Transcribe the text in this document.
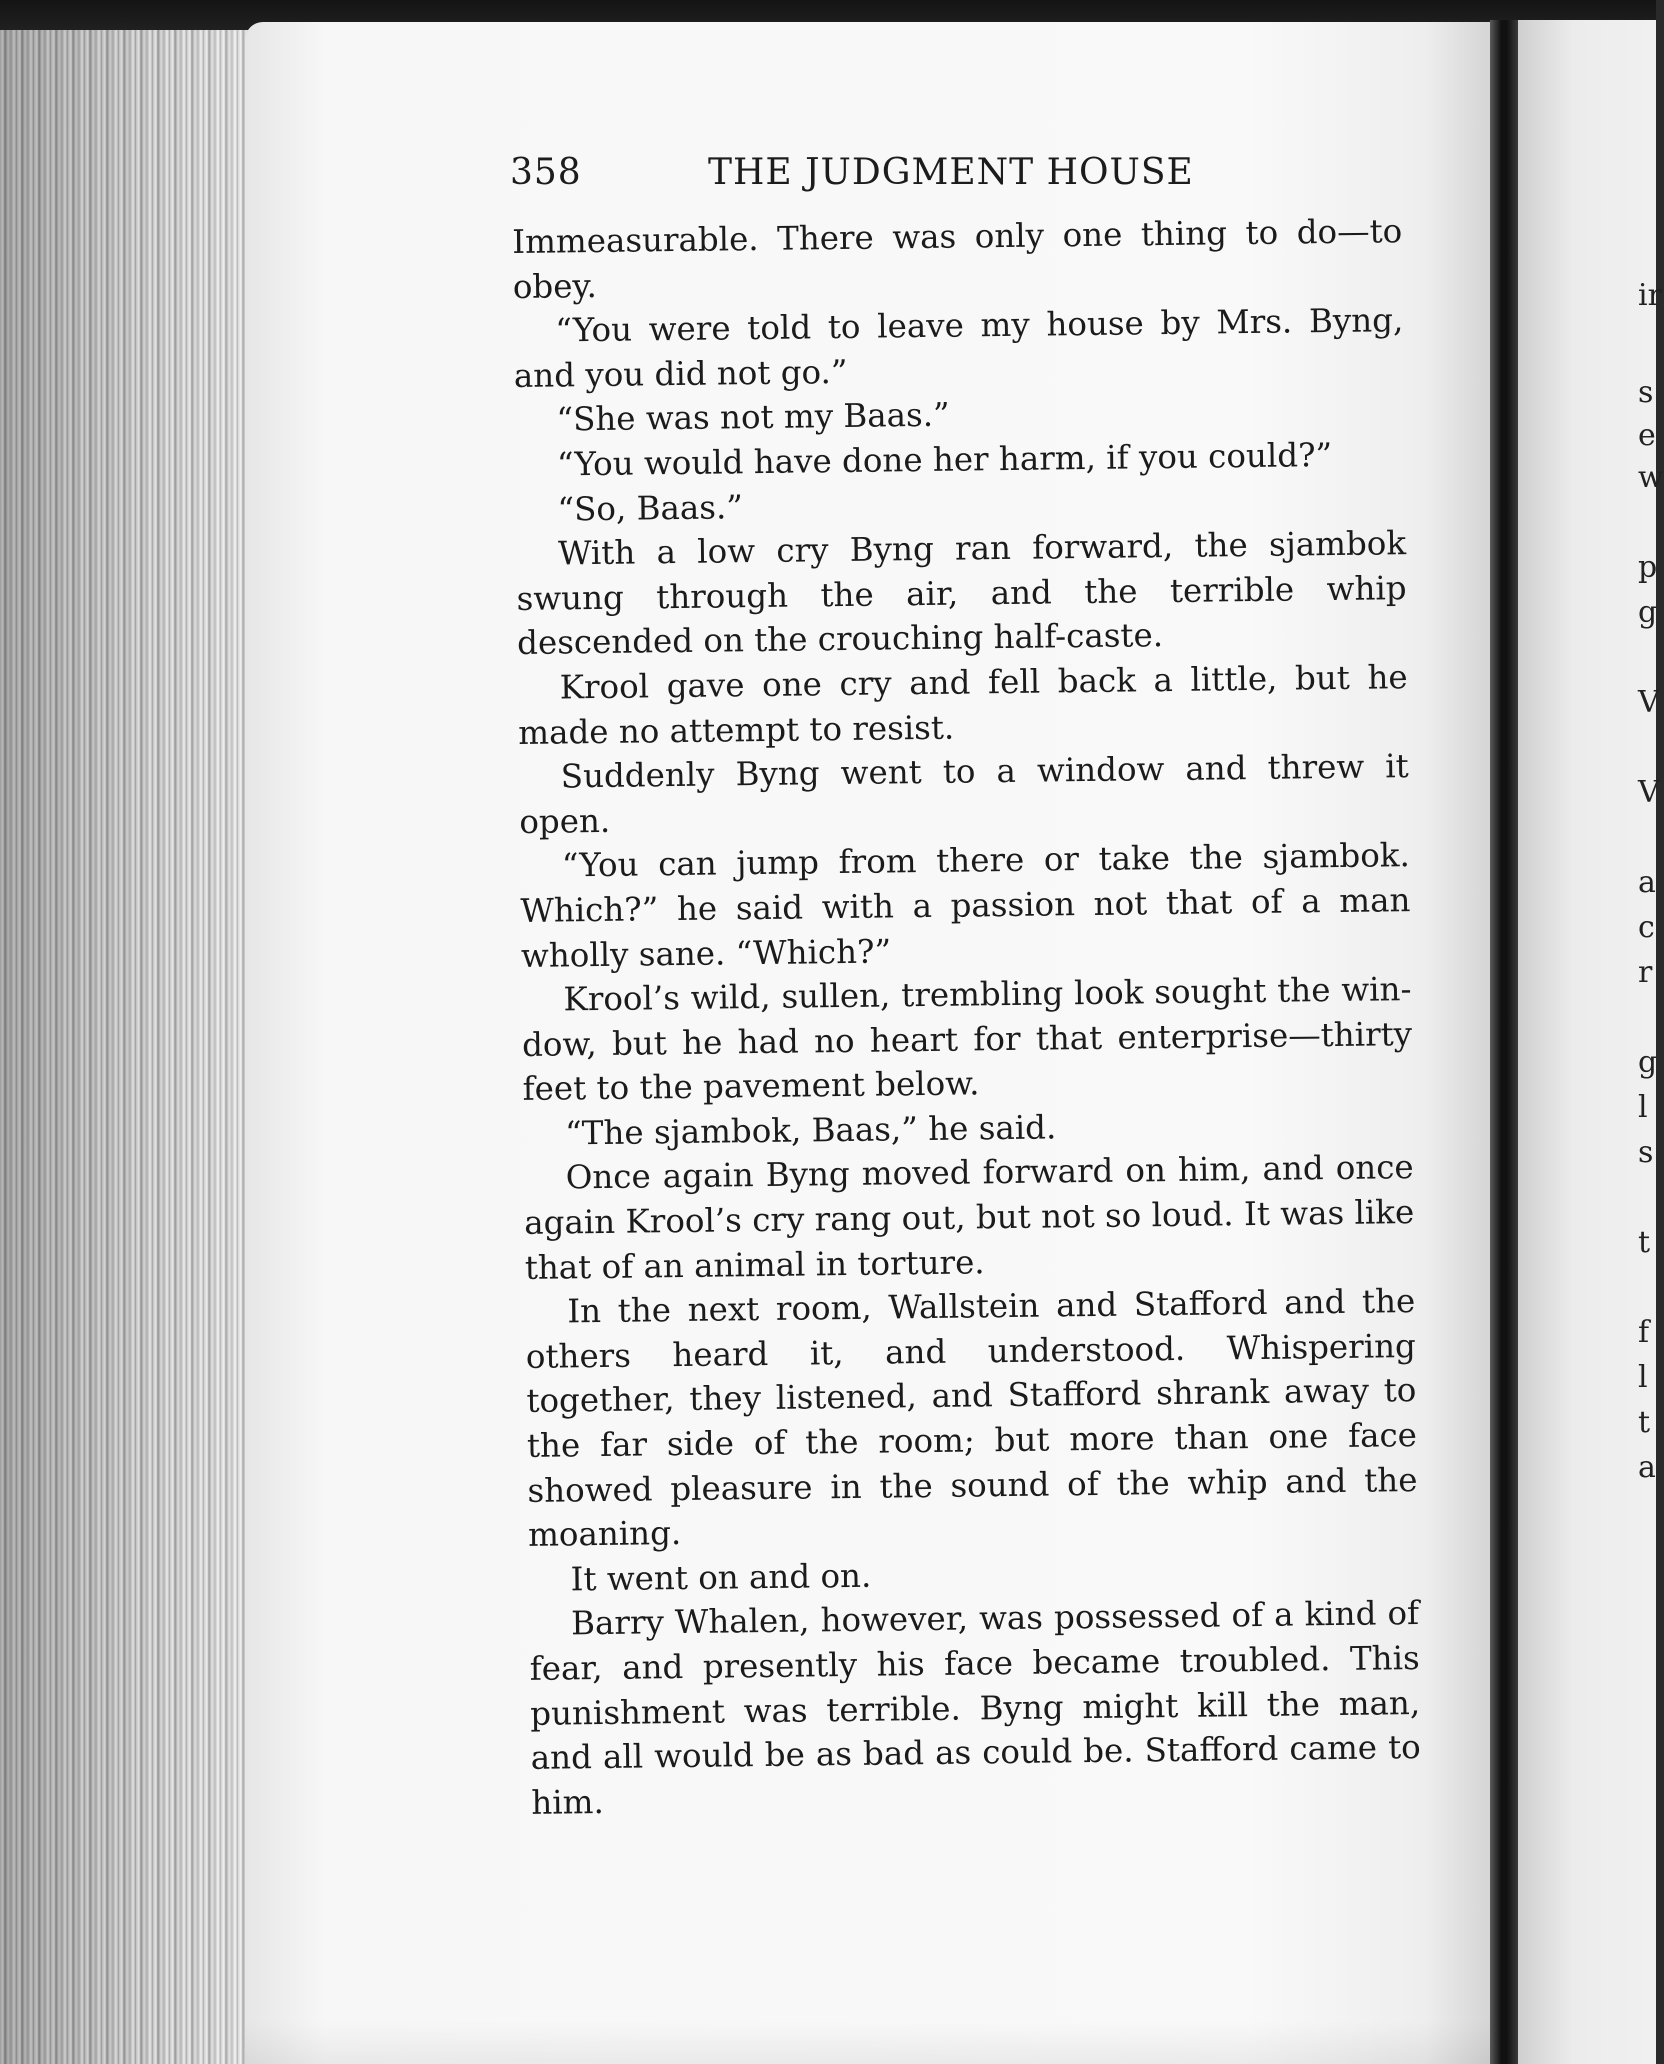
358	THE JUDGMENT HOUSE

Immeasurable. There was only one thing to do—to obey.

“You were told to leave my house by Mrs. Byng, and you did not go.”

“She was not my Baas.”

“You would have done her harm, if you could?”

“So, Baas.”

With a low cry Byng ran forward, the sjambok swung through the air, and the terrible whip descended on the crouching half-caste.

Krool gave one cry and fell back a little, but he made no attempt to resist.

Suddenly Byng went to a window and threw it open.

“You can jump from there or take the sjambok. Which?” he said with a passion not that of a man wholly sane. “Which?”

Krool’s wild, sullen, trembling look sought the win-dow, but he had no heart for that enterprise—thirty feet to the pavement below.

“The sjambok, Baas,” he said.

Once again Byng moved forward on him, and once again Krool’s cry rang out, but not so loud. It was like that of an animal in torture.

In the next room, Wallstein and Stafford and the others heard it, and understood. Whispering together, they listened, and Stafford shrank away to the far side of the room; but more than one face showed pleasure in the sound of the whip and the moaning.

It went on and on.

Barry Whalen, however, was possessed of a kind of fear, and presently his face became troubled. This punishment was terrible. Byng might kill the man, and all would be as bad as could be. Stafford came to him.

ir
s
e
w
p
g
V
V
a
c
r
g
l
s
t
f
l
t
a
